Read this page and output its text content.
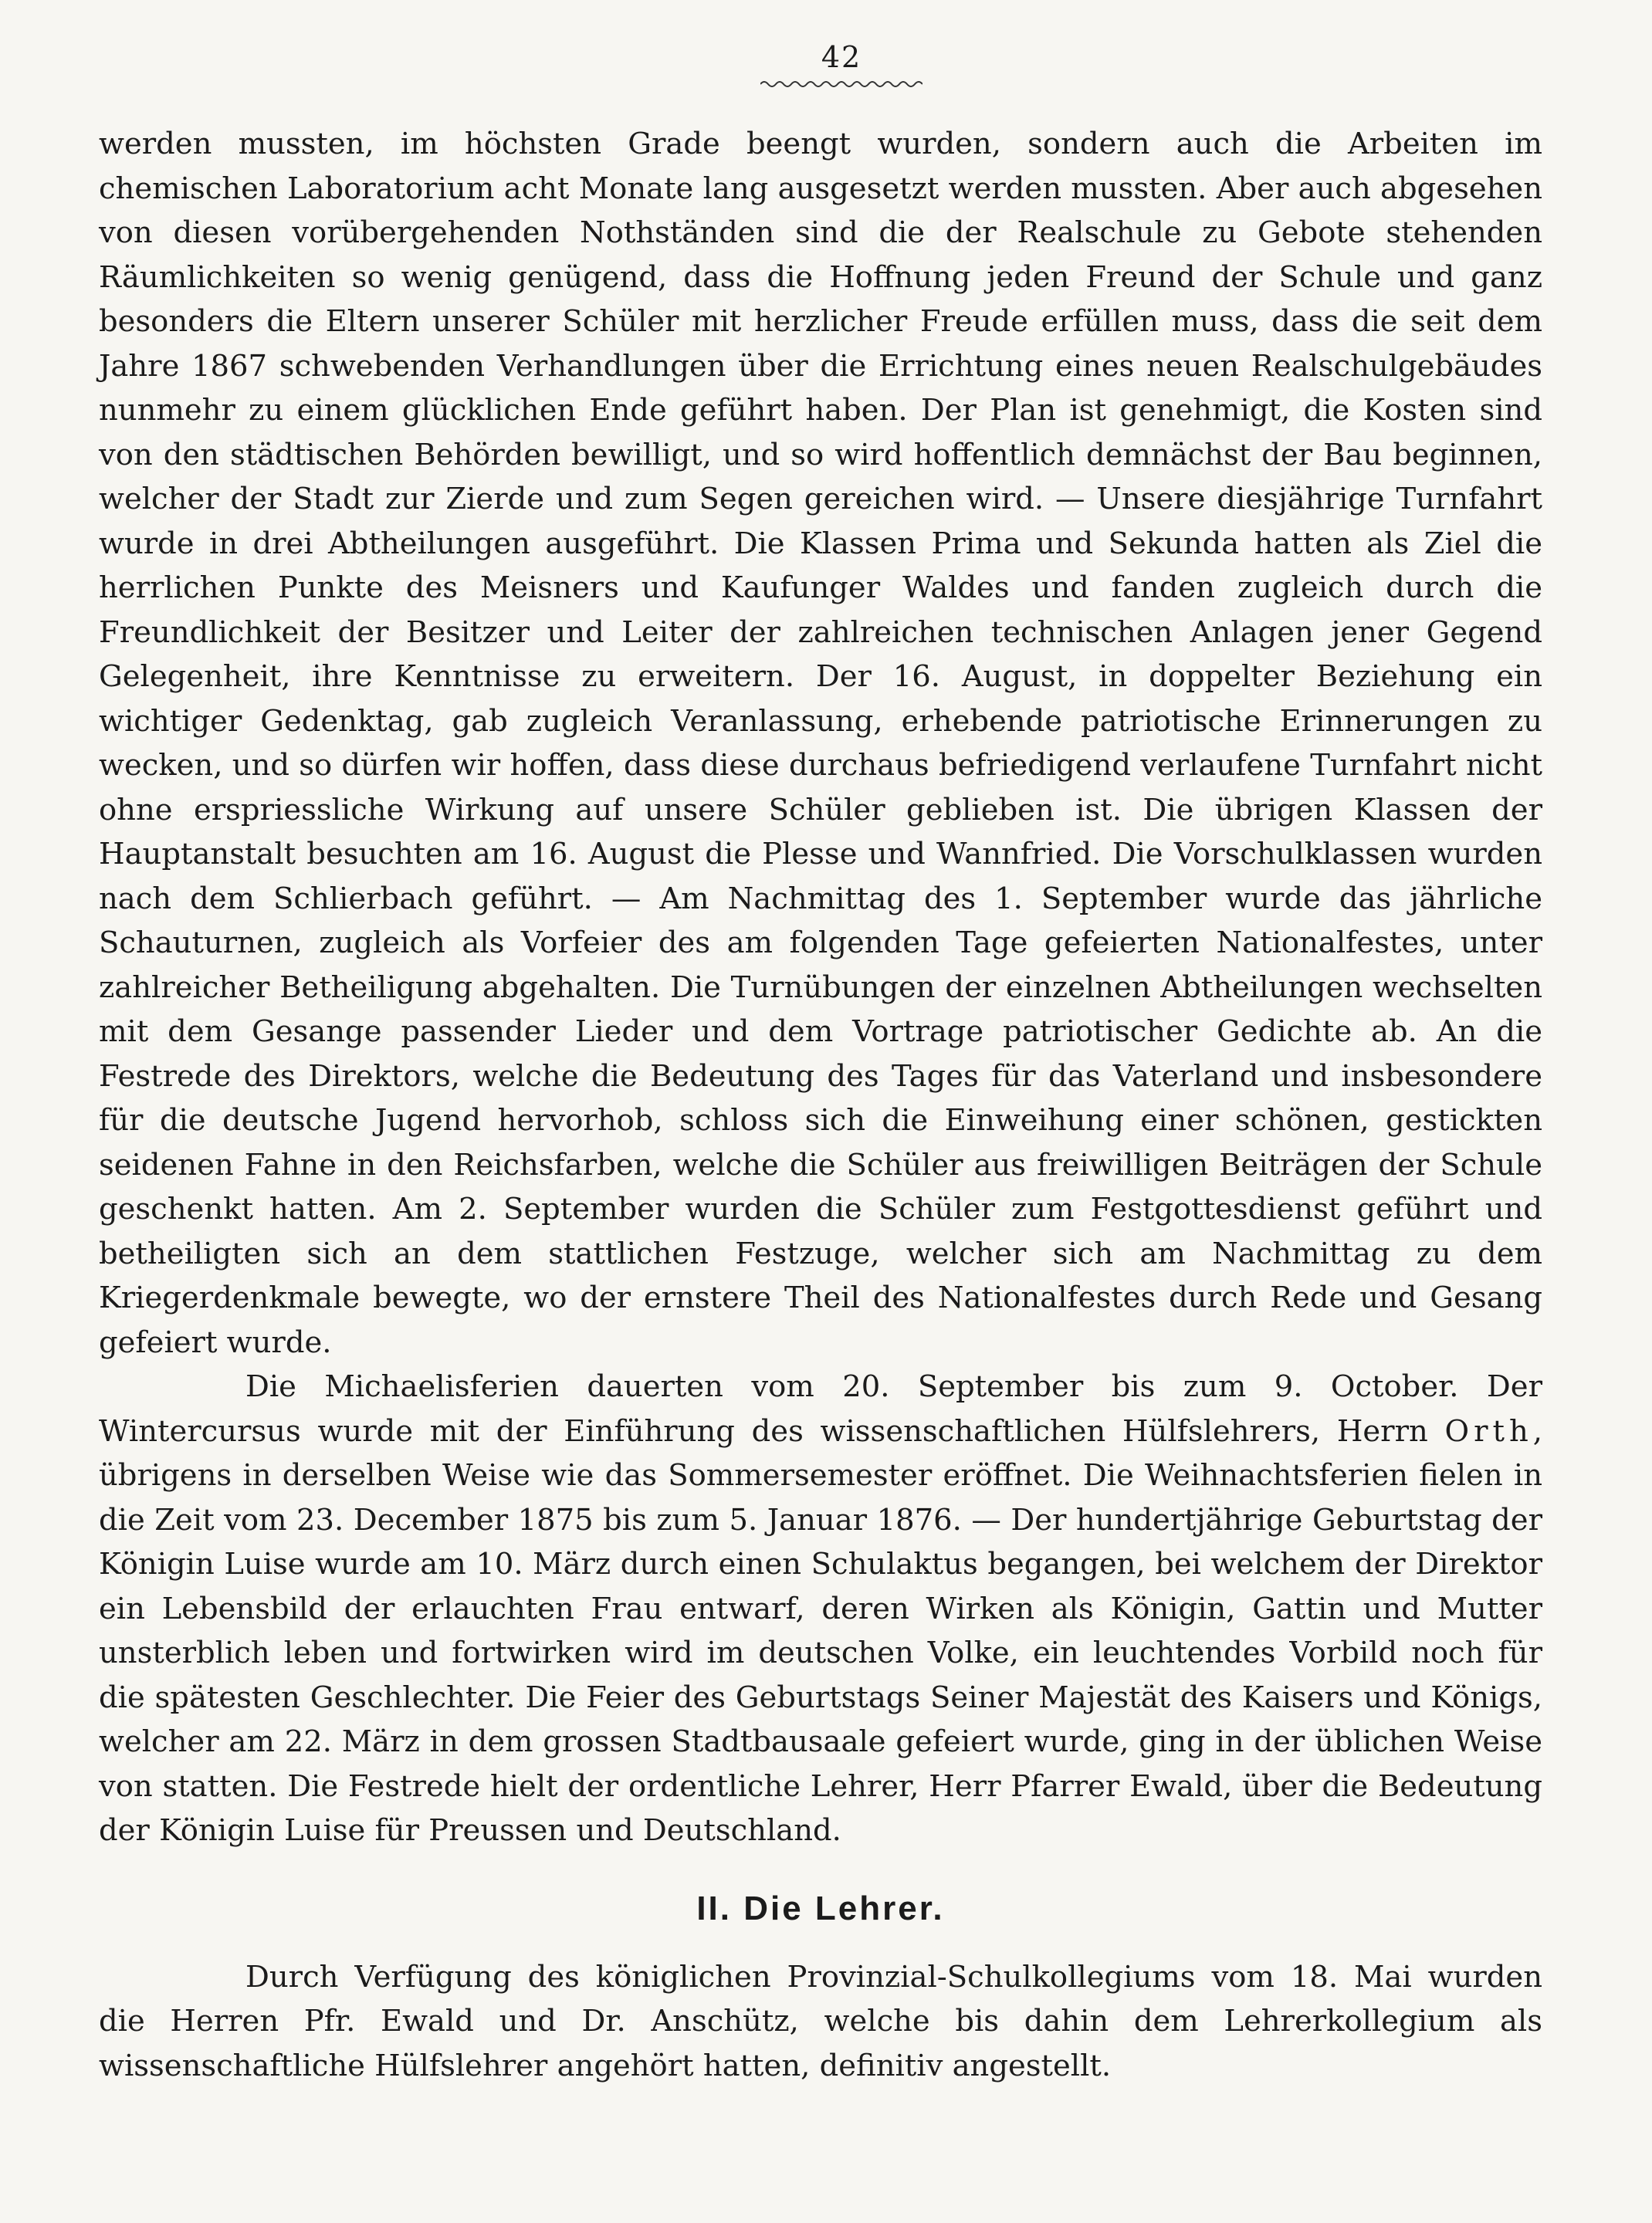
42

werden mussten, im höchsten Grade beengt wurden, sondern auch die Arbeiten im chemischen Laboratorium acht Monate lang ausgesetzt werden mussten. Aber auch abgesehen von diesen vorübergehenden Nothständen sind die der Realschule zu Gebote stehenden Räumlichkeiten so wenig genügend, dass die Hoffnung jeden Freund der Schule und ganz besonders die Eltern unserer Schüler mit herzlicher Freude erfüllen muss, dass die seit dem Jahre 1867 schwebenden Verhandlungen über die Errichtung eines neuen Realschulgebäudes nunmehr zu einem glücklichen Ende geführt haben. Der Plan ist genehmigt, die Kosten sind von den städtischen Behörden bewilligt, und so wird hoffentlich demnächst der Bau beginnen, welcher der Stadt zur Zierde und zum Segen gereichen wird. — Unsere diesjährige Turnfahrt wurde in drei Abtheilungen ausgeführt. Die Klassen Prima und Sekunda hatten als Ziel die herrlichen Punkte des Meisners und Kaufunger Waldes und fanden zugleich durch die Freundlichkeit der Besitzer und Leiter der zahlreichen technischen Anlagen jener Gegend Gelegenheit, ihre Kenntnisse zu erweitern. Der 16. August, in doppelter Beziehung ein wichtiger Gedenktag, gab zugleich Veranlassung, erhebende patriotische Erinnerungen zu wecken, und so dürfen wir hoffen, dass diese durchaus befriedigend verlaufene Turnfahrt nicht ohne erspriessliche Wirkung auf unsere Schüler geblieben ist. Die übrigen Klassen der Hauptanstalt besuchten am 16. August die Plesse und Wannfried. Die Vorschulklassen wurden nach dem Schlierbach geführt. — Am Nachmittag des 1. September wurde das jährliche Schauturnen, zugleich als Vorfeier des am folgenden Tage gefeierten Nationalfestes, unter zahlreicher Betheiligung abgehalten. Die Turnübungen der einzelnen Abtheilungen wechselten mit dem Gesange passender Lieder und dem Vortrage patriotischer Gedichte ab. An die Festrede des Direktors, welche die Bedeutung des Tages für das Vaterland und insbesondere für die deutsche Jugend hervorhob, schloss sich die Einweihung einer schönen, gestickten seidenen Fahne in den Reichsfarben, welche die Schüler aus freiwilligen Beiträgen der Schule geschenkt hatten. Am 2. September wurden die Schüler zum Festgottesdienst geführt und betheiligten sich an dem stattlichen Festzuge, welcher sich am Nachmittag zu dem Kriegerdenkmale bewegte, wo der ernstere Theil des Nationalfestes durch Rede und Gesang gefeiert wurde.

Die Michaelisferien dauerten vom 20. September bis zum 9. October. Der Wintercursus wurde mit der Einführung des wissenschaftlichen Hülfslehrers, Herrn Orth, übrigens in derselben Weise wie das Sommersemester eröffnet. Die Weihnachtsferien fielen in die Zeit vom 23. December 1875 bis zum 5. Januar 1876. — Der hundertjährige Geburtstag der Königin Luise wurde am 10. März durch einen Schulaktus begangen, bei welchem der Direktor ein Lebensbild der erlauchten Frau entwarf, deren Wirken als Königin, Gattin und Mutter unsterblich leben und fortwirken wird im deutschen Volke, ein leuchtendes Vorbild noch für die spätesten Geschlechter. Die Feier des Geburtstags Seiner Majestät des Kaisers und Königs, welcher am 22. März in dem grossen Stadtbausaale gefeiert wurde, ging in der üblichen Weise von statten. Die Festrede hielt der ordentliche Lehrer, Herr Pfarrer Ewald, über die Bedeutung der Königin Luise für Preussen und Deutschland.

II. Die Lehrer.

Durch Verfügung des königlichen Provinzial-Schulkollegiums vom 18. Mai wurden die Herren Pfr. Ewald und Dr. Anschütz, welche bis dahin dem Lehrerkollegium als wissenschaftliche Hülfslehrer angehört hatten, definitiv angestellt.
